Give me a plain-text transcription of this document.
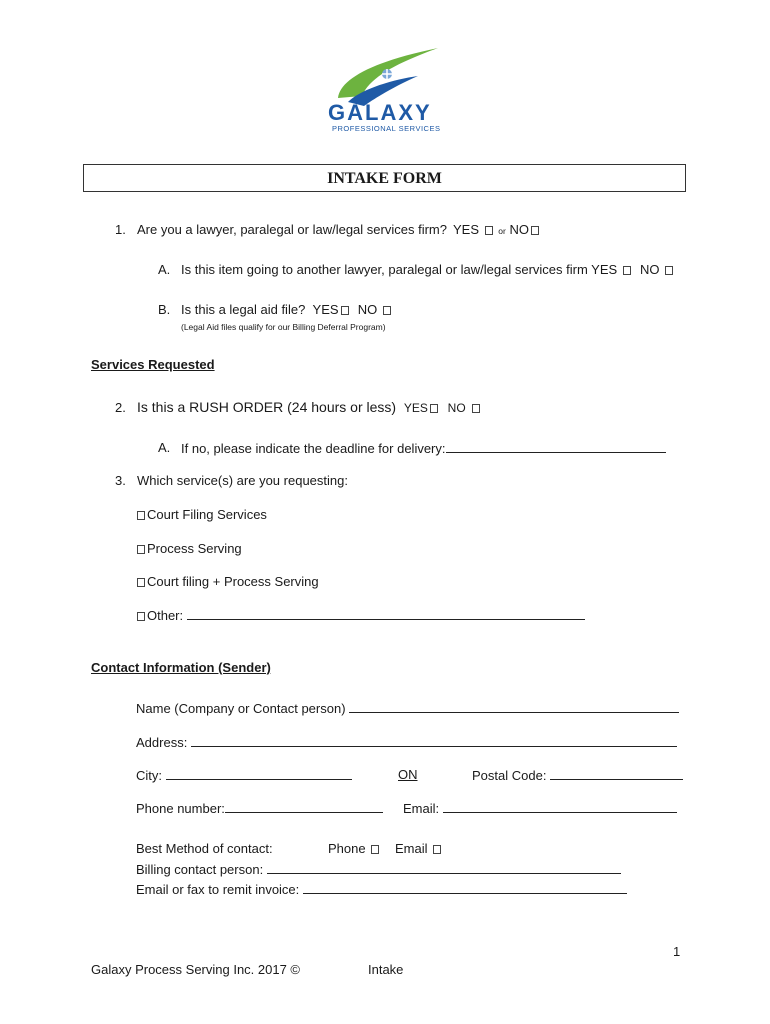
GALAXY
PROFESSIONAL SERVICES
INTAKE FORM
1. Are you a lawyer, paralegal or law/legal services firm? YES or NO
A. Is this item going to another lawyer, paralegal or law/legal services firm YES NO
B. Is this a legal aid file? YES NO
(Legal Aid files qualify for our Billing Deferral Program)
Services Requested
2. Is this a RUSH ORDER (24 hours or less) YES NO
A. If no, please indicate the deadline for delivery:
3. Which service(s) are you requesting:
Court Filing Services
Process Serving
Court filing + Process Serving
Other:
Contact Information (Sender)
Name (Company or Contact person)
Address:
City:	ON	Postal Code:
Phone number:	Email:
Best Method of contact:	Phone	Email
Billing contact person:
Email or fax to remit invoice:
1
Galaxy Process Serving Inc. 2017 ©	Intake
